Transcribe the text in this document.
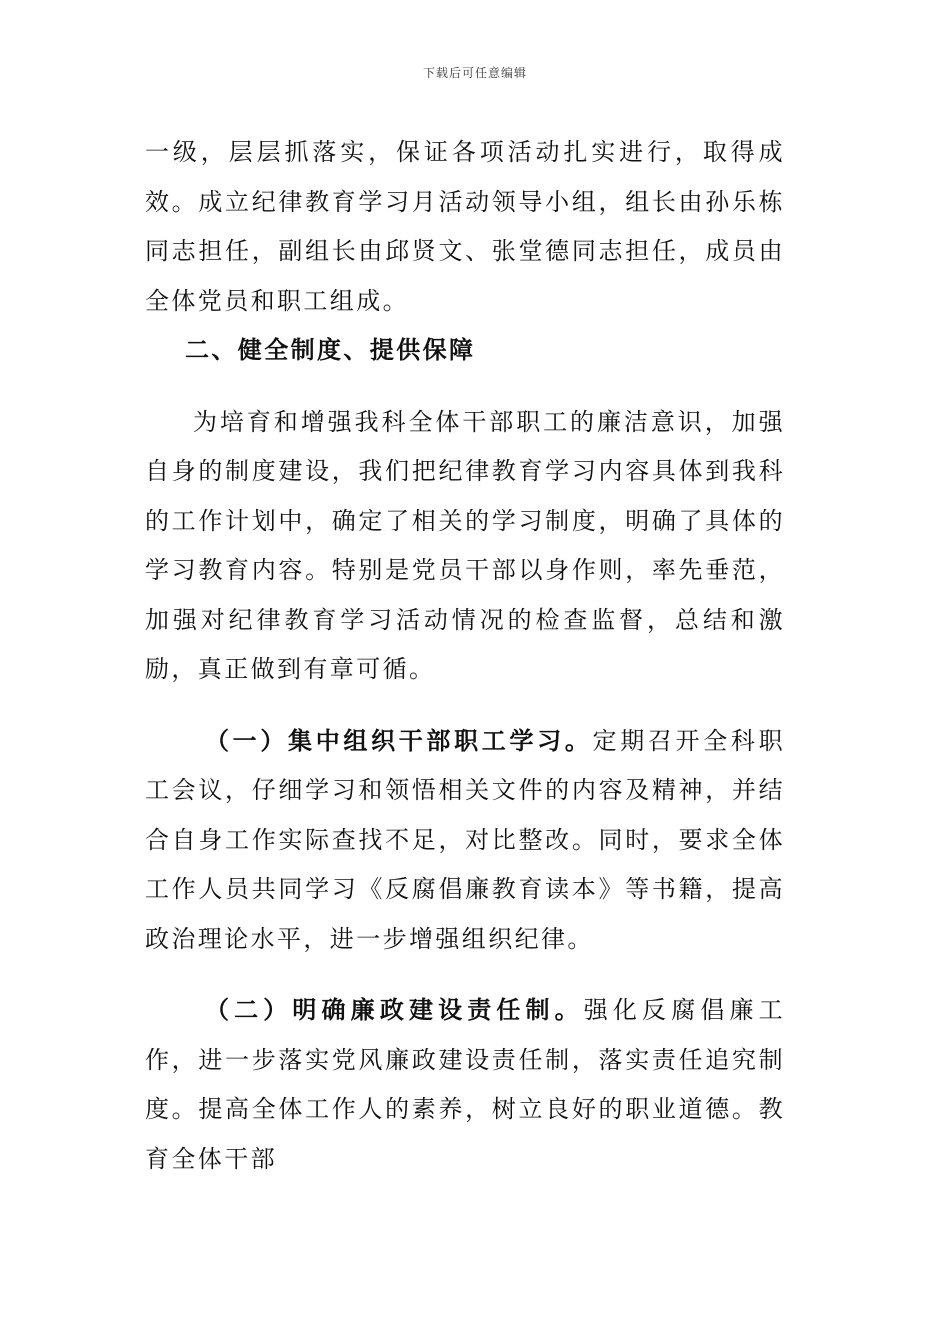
下载后可任意编辑

一级，层层抓落实，保证各项活动扎实进行，取得成效。成立纪律教育学习月活动领导小组，组长由孙乐栋同志担任，副组长由邱贤文、张堂德同志担任，成员由全体党员和职工组成。

二、健全制度、提供保障

为培育和增强我科全体干部职工的廉洁意识，加强自身的制度建设，我们把纪律教育学习内容具体到我科的工作计划中，确定了相关的学习制度，明确了具体的学习教育内容。特别是党员干部以身作则，率先垂范，加强对纪律教育学习活动情况的检查监督，总结和激励，真正做到有章可循。

（一）集中组织干部职工学习。定期召开全科职工会议，仔细学习和领悟相关文件的内容及精神，并结合自身工作实际查找不足，对比整改。同时，要求全体工作人员共同学习《反腐倡廉教育读本》等书籍，提高政治理论水平，进一步增强组织纪律。

（二）明确廉政建设责任制。强化反腐倡廉工作，进一步落实党风廉政建设责任制，落实责任追究制度。提高全体工作人的素养，树立良好的职业道德。教育全体干部
